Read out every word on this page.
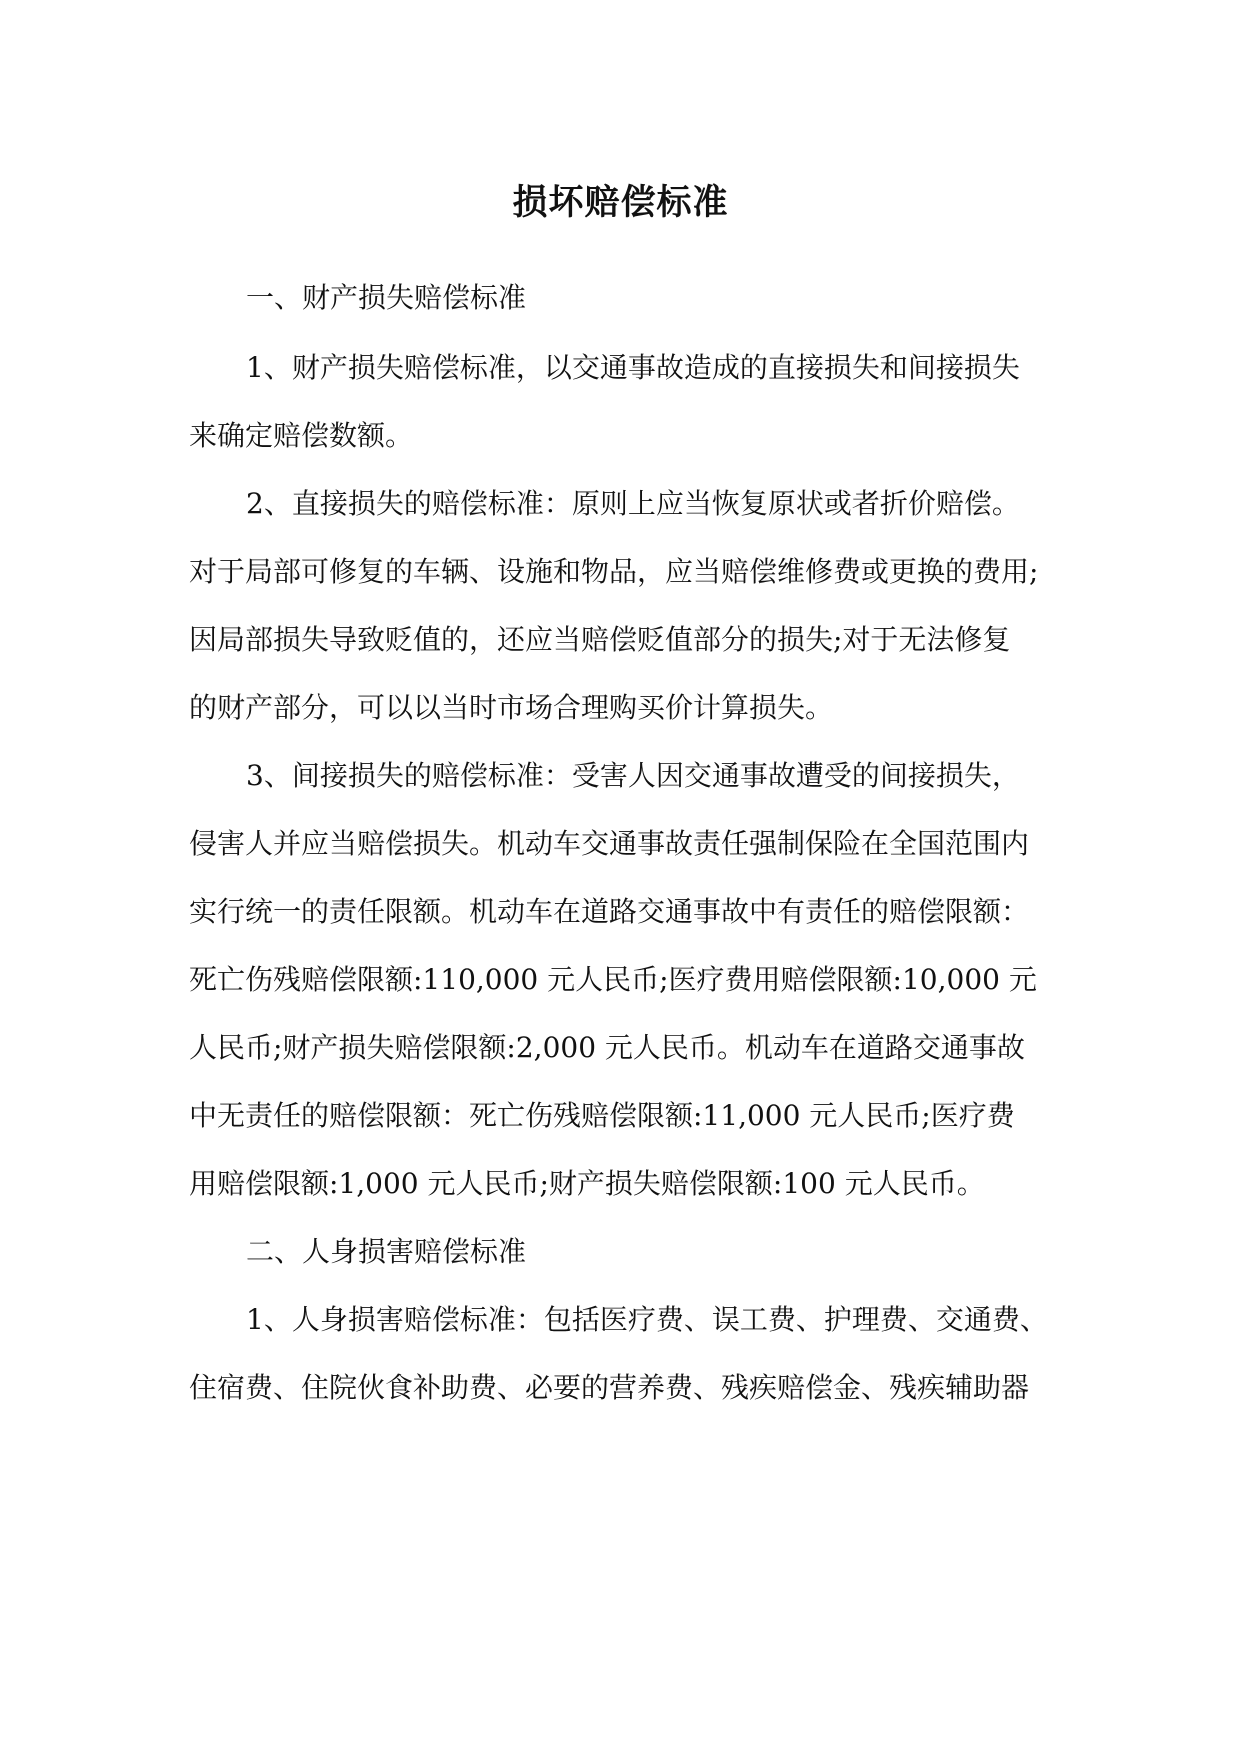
损坏赔偿标准

一、财产损失赔偿标准

1、财产损失赔偿标准，以交通事故造成的直接损失和间接损失

来确定赔偿数额。

2、直接损失的赔偿标准：原则上应当恢复原状或者折价赔偿。

对于局部可修复的车辆、设施和物品，应当赔偿维修费或更换的费用;

因局部损失导致贬值的，还应当赔偿贬值部分的损失;对于无法修复

的财产部分，可以以当时市场合理购买价计算损失。

3、间接损失的赔偿标准：受害人因交通事故遭受的间接损失，

侵害人并应当赔偿损失。机动车交通事故责任强制保险在全国范围内

实行统一的责任限额。机动车在道路交通事故中有责任的赔偿限额：

死亡伤残赔偿限额:110,000 元人民币;医疗费用赔偿限额:10,000 元

人民币;财产损失赔偿限额:2,000 元人民币。机动车在道路交通事故

中无责任的赔偿限额：死亡伤残赔偿限额:11,000 元人民币;医疗费

用赔偿限额:1,000 元人民币;财产损失赔偿限额:100 元人民币。

二、人身损害赔偿标准

1、人身损害赔偿标准：包括医疗费、误工费、护理费、交通费、

住宿费、住院伙食补助费、必要的营养费、残疾赔偿金、残疾辅助器
